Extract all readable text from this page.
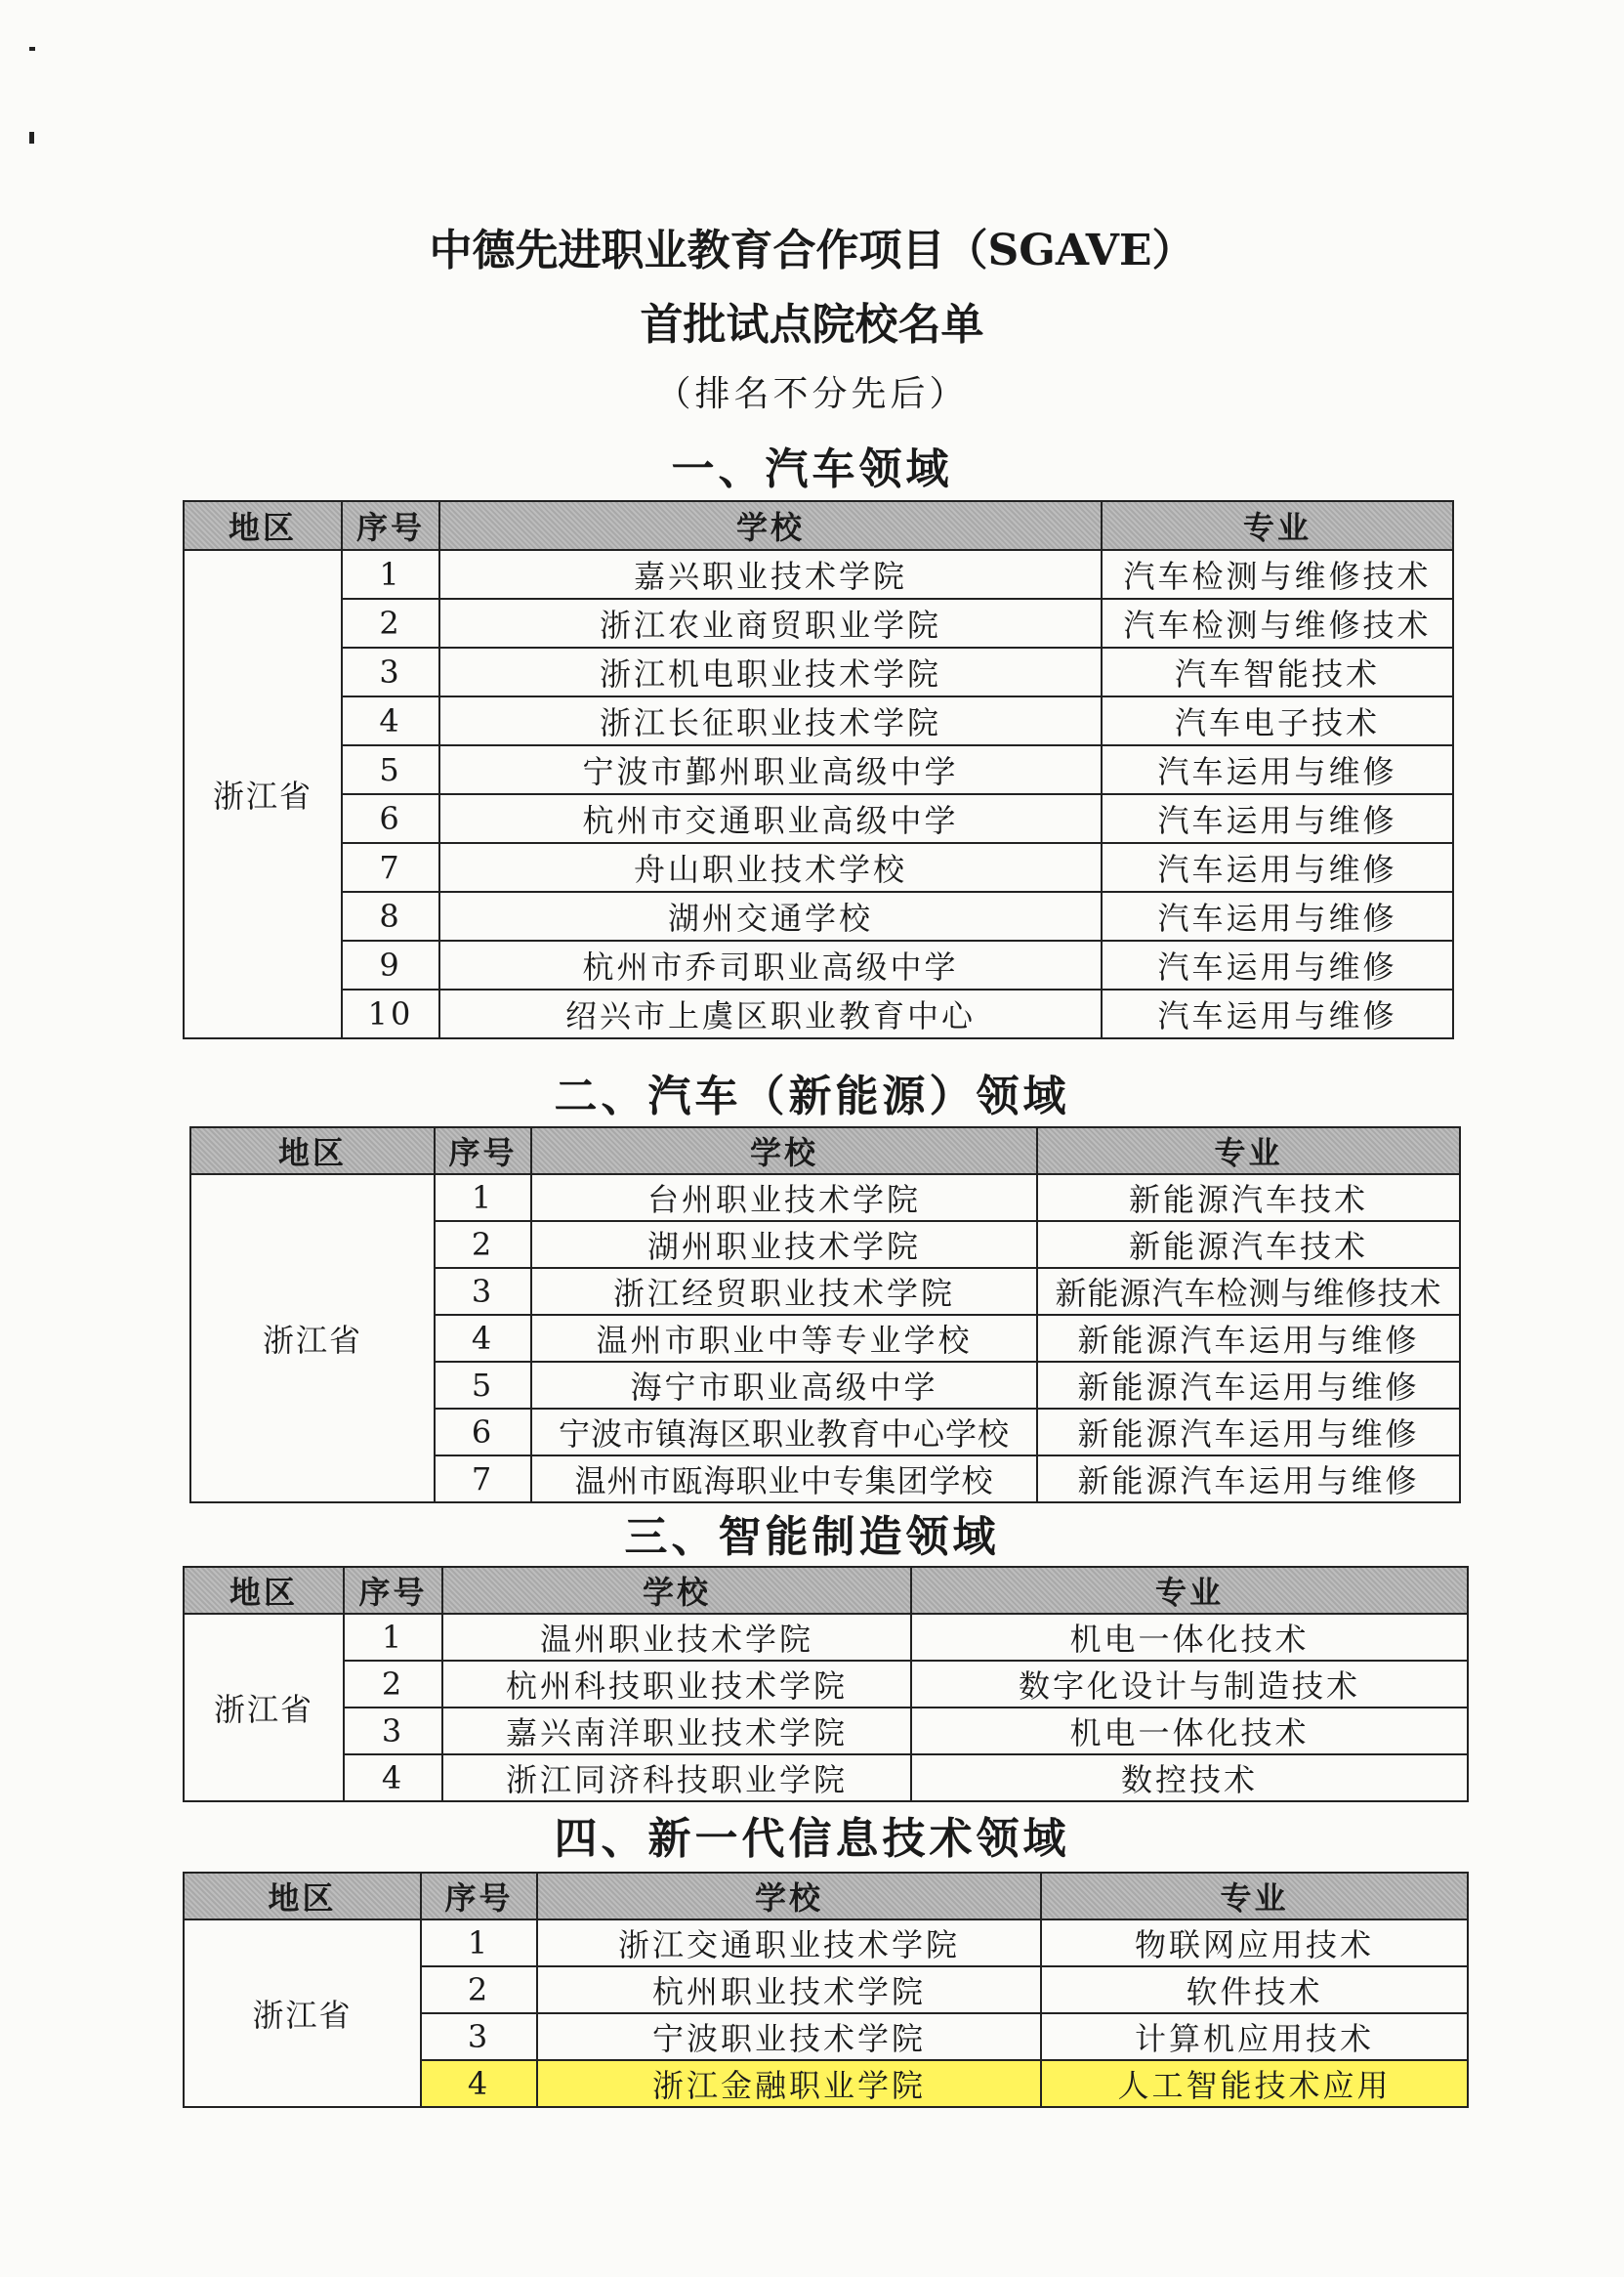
中德先进职业教育合作项目（SGAVE）
首批试点院校名单
（排名不分先后）
一、汽车领域
地区	序号	学校	专业
浙江省	1	嘉兴职业技术学院	汽车检测与维修技术
	2	浙江农业商贸职业学院	汽车检测与维修技术
	3	浙江机电职业技术学院	汽车智能技术
	4	浙江长征职业技术学院	汽车电子技术
	5	宁波市鄞州职业高级中学	汽车运用与维修
	6	杭州市交通职业高级中学	汽车运用与维修
	7	舟山职业技术学校	汽车运用与维修
	8	湖州交通学校	汽车运用与维修
	9	杭州市乔司职业高级中学	汽车运用与维修
	10	绍兴市上虞区职业教育中心	汽车运用与维修
二、汽车（新能源）领域
地区	序号	学校	专业
浙江省	1	台州职业技术学院	新能源汽车技术
	2	湖州职业技术学院	新能源汽车技术
	3	浙江经贸职业技术学院	新能源汽车检测与维修技术
	4	温州市职业中等专业学校	新能源汽车运用与维修
	5	海宁市职业高级中学	新能源汽车运用与维修
	6	宁波市镇海区职业教育中心学校	新能源汽车运用与维修
	7	温州市瓯海职业中专集团学校	新能源汽车运用与维修
三、智能制造领域
地区	序号	学校	专业
浙江省	1	温州职业技术学院	机电一体化技术
	2	杭州科技职业技术学院	数字化设计与制造技术
	3	嘉兴南洋职业技术学院	机电一体化技术
	4	浙江同济科技职业学院	数控技术
四、新一代信息技术领域
地区	序号	学校	专业
浙江省	1	浙江交通职业技术学院	物联网应用技术
	2	杭州职业技术学院	软件技术
	3	宁波职业技术学院	计算机应用技术
	4	浙江金融职业学院	人工智能技术应用
